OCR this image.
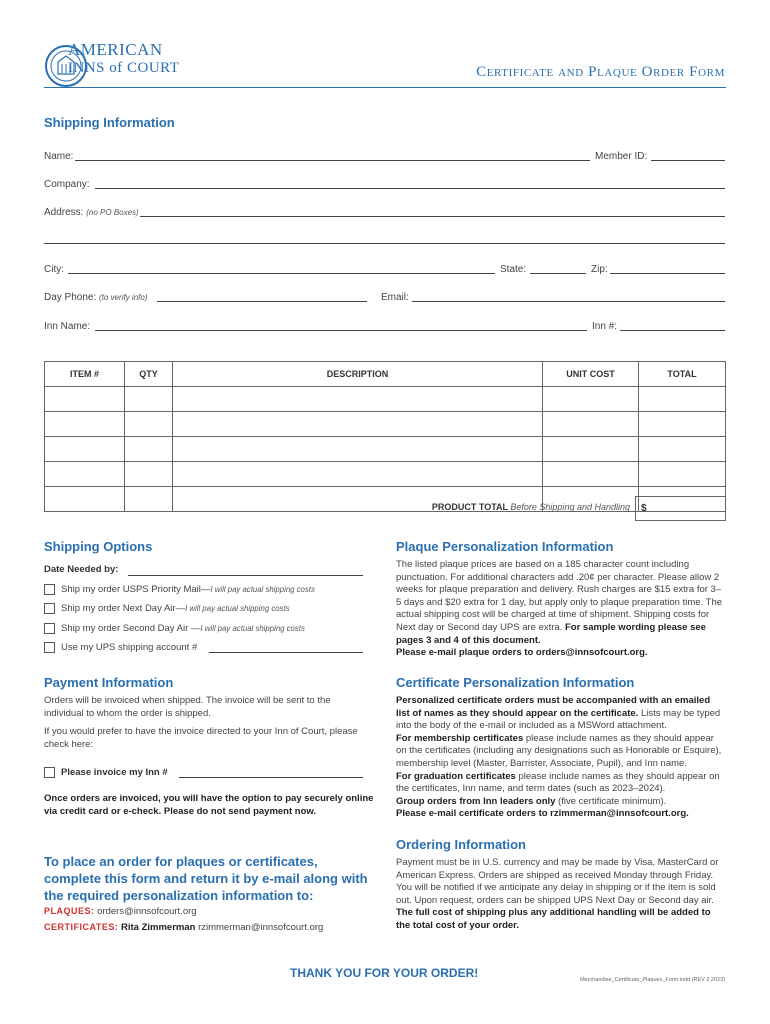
AMERICAN
INNS of COURT	Certificate and Plaque Order Form
Shipping Information
Name:	Member ID:
Company:
Address: (no PO Boxes)
City:	State:	Zip:
Day Phone: (to verify info)	Email:
Inn Name:	Inn #:
ITEM #	QTY	DESCRIPTION	UNIT COST	TOTAL

PRODUCT TOTAL Before Shipping and Handling $
Shipping Options
Date Needed by:
Ship my order USPS Priority Mail—I will pay actual shipping costs
Ship my order Next Day Air—I will pay actual shipping costs
Ship my order Second Day Air —I will pay actual shipping costs
Use my UPS shipping account #
Payment Information
Orders will be invoiced when shipped. The invoice will be sent to the individual to whom the order is shipped.
If you would prefer to have the invoice directed to your Inn of Court, please check here:
Please invoice my Inn #
Once orders are invoiced, you will have the option to pay securely online via credit card or e-check. Please do not send payment now.
To place an order for plaques or certificates, complete this form and return it by e-mail along with the required personalization information to:
PLAQUES: orders@innsofcourt.org
CERTIFICATES: Rita Zimmerman rzimmerman@innsofcourt.org
Plaque Personalization Information
The listed plaque prices are based on a 185 character count including punctuation. For additional characters add .20¢ per character. Please allow 2 weeks for plaque preparation and delivery. Rush charges are $15 extra for 3–5 days and $20 extra for 1 day, but apply only to plaque preparation time. The actual shipping cost will be charged at time of shipment. Shipping costs for Next day or Second day UPS are extra. For sample wording please see pages 3 and 4 of this document.
Please e-mail plaque orders to orders@innsofcourt.org.
Certificate Personalization Information
Personalized certificate orders must be accompanied with an emailed list of names as they should appear on the certificate. Lists may be typed into the body of the e-mail or included as a MSWord attachment.
For membership certificates please include names as they should appear on the certificates (including any designations such as Honorable or Esquire), membership level (Master, Barrister, Associate, Pupil), and Inn name.
For graduation certificates please include names as they should appear on the certificates, Inn name, and term dates (such as 2023–2024).
Group orders from Inn leaders only (five certificate minimum).
Please e-mail certificate orders to rzimmerman@innsofcourt.org.
Ordering Information
Payment must be in U.S. currency and may be made by Visa, MasterCard or American Express. Orders are shipped as received Monday through Friday. You will be notified if we anticipate any delay in shipping or if the item is sold out. Upon request, orders can be shipped UPS Next Day or Second day air. The full cost of shipping plus any additional handling will be added to the total cost of your order.
THANK YOU FOR YOUR ORDER!	Merchandise_Certificate_Plaques_Form.indd (REV 2.2023)
